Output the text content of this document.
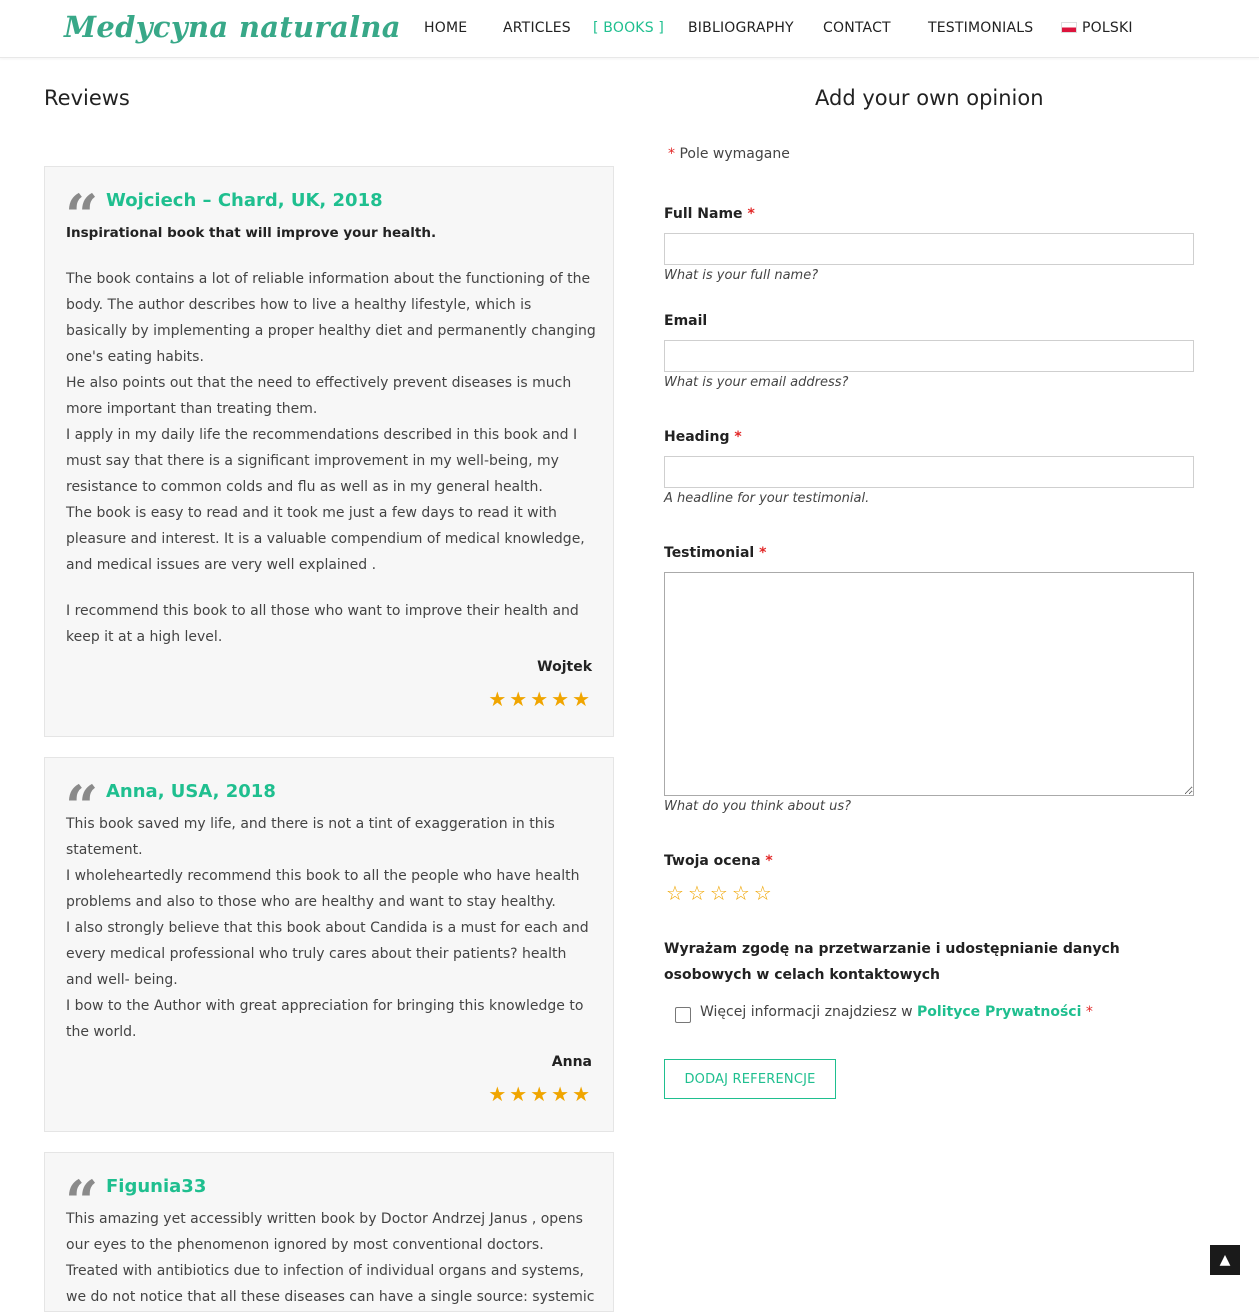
Medycyna naturalna HOME	ARTICLES [ BOOKS ] BIBLIOGRAPHY CONTACT	TESTIMONIALS	POLSKI
Reviews
“ Wojciech – Chard, UK, 2018
Inspirational book that will improve your health.

The book contains a lot of reliable information about the functioning of the body. The author describes how to live a healthy lifestyle, which is basically by implementing a proper healthy diet and permanently changing one's eating habits.

He also points out that the need to effectively prevent diseases is much more important than treating them.

I apply in my daily life the recommendations described in this book and I must say that there is a significant improvement in my well-being, my resistance to common colds and flu as well as in my general health.

The book is easy to read and it took me just a few days to read it with pleasure and interest. It is a valuable compendium of medical knowledge, and medical issues are very well explained .

I recommend this book to all those who want to improve their health and keep it at a high level.

Wojtek
★★★★★
“ Anna, USA, 2018

This book saved my life, and there is not a tint of exaggeration in this statement.

I wholeheartedly recommend this book to all the people who have health problems and also to those who are healthy and want to stay healthy.

I also strongly believe that this book about Candida is a must for each and every medical professional who truly cares about their patients? health and well- being.

I bow to the Author with great appreciation for bringing this knowledge to the world.

Anna
★★★★★
“ Figunia33

This amazing yet accessibly written book by Doctor Andrzej Janus , opens our eyes to the phenomenon ignored by most conventional doctors.

Treated with antibiotics due to infection of individual organs and systems, we do not notice that all these diseases can have a single source: systemic

Add your own opinion
* Pole wymagane
Full Name *
What is your full name?
Email
What is your email address?
Heading *
A headline for your testimonial.
Testimonial *
What do you think about us?
Twoja ocena *
☆☆☆☆☆
Wyrażam zgodę na przetwarzanie i udostępnianie danych osobowych w celach kontaktowych
Więcej informacji znajdziesz w Polityce Prywatności *
DODAJ REFERENCJE
▲
